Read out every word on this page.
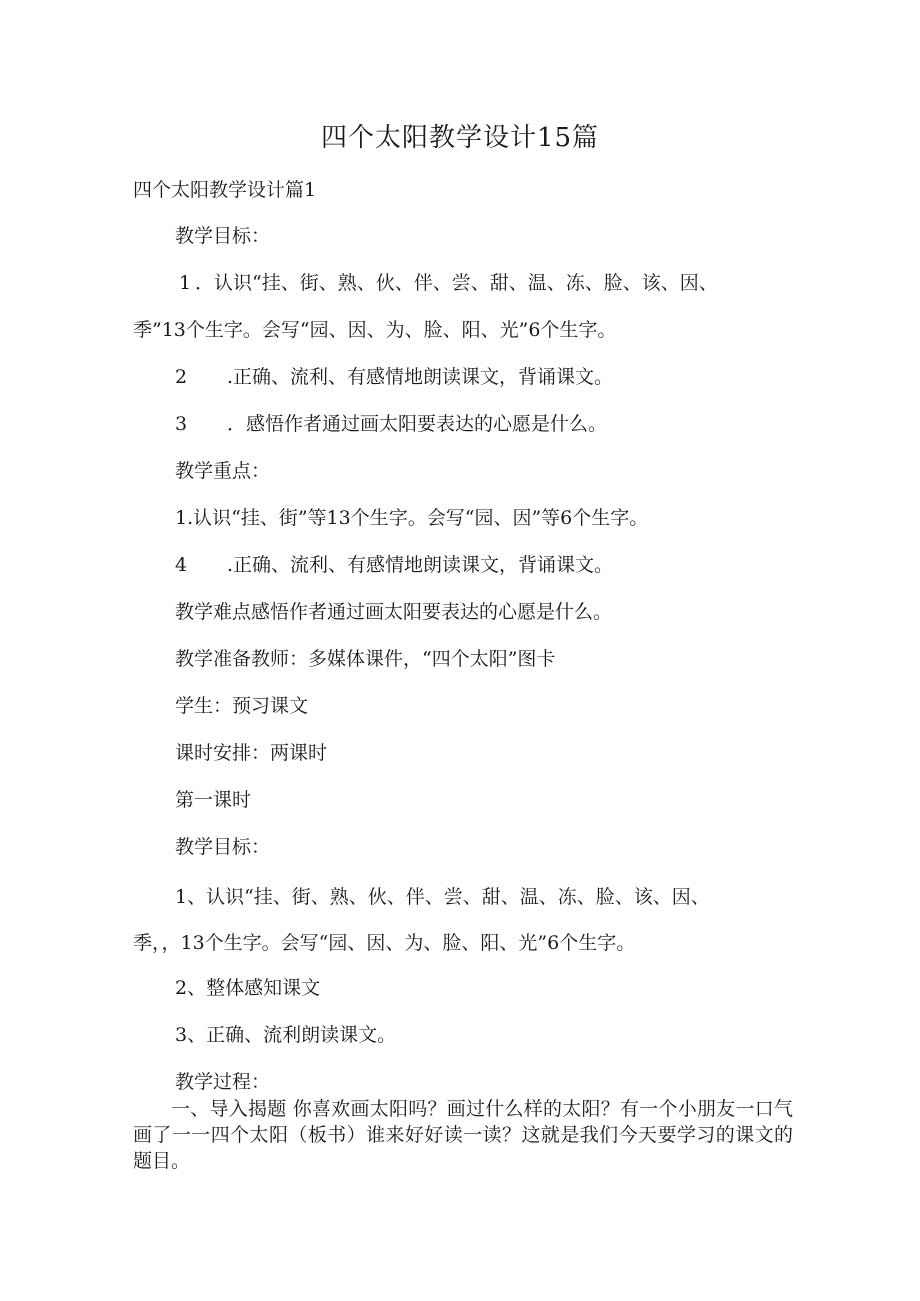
四个太阳教学设计15篇
四个太阳教学设计篇1
教学目标：
1 ．认识“挂、街、熟、伙、伴、尝、甜、温、冻、脸、该、因、
季”13个生字。会写“园、因、为、脸、阳、光”6个生字。
2 .正确、流利、有感情地朗读课文，背诵课文。
3 ．感悟作者通过画太阳要表达的心愿是什么。
教学重点：
1.认识“挂、街”等13个生字。会写“园、因”等6个生字。
4 .正确、流利、有感情地朗读课文，背诵课文。
教学难点感悟作者通过画太阳要表达的心愿是什么。
教学准备教师：多媒体课件，“四个太阳”图卡
学生：预习课文
课时安排：两课时
第一课时
教学目标：
1、认识“挂、街、熟、伙、伴、尝、甜、温、冻、脸、该、因、
季，，13个生字。会写“园、因、为、脸、阳、光”6个生字。
2、整体感知课文
3、正确、流利朗读课文。
教学过程：
一、导入揭题 你喜欢画太阳吗？画过什么样的太阳？有一个小朋友一口气画了一一四个太阳（板书）谁来好好读一读？这就是我们今天要学习的课文的题目。
